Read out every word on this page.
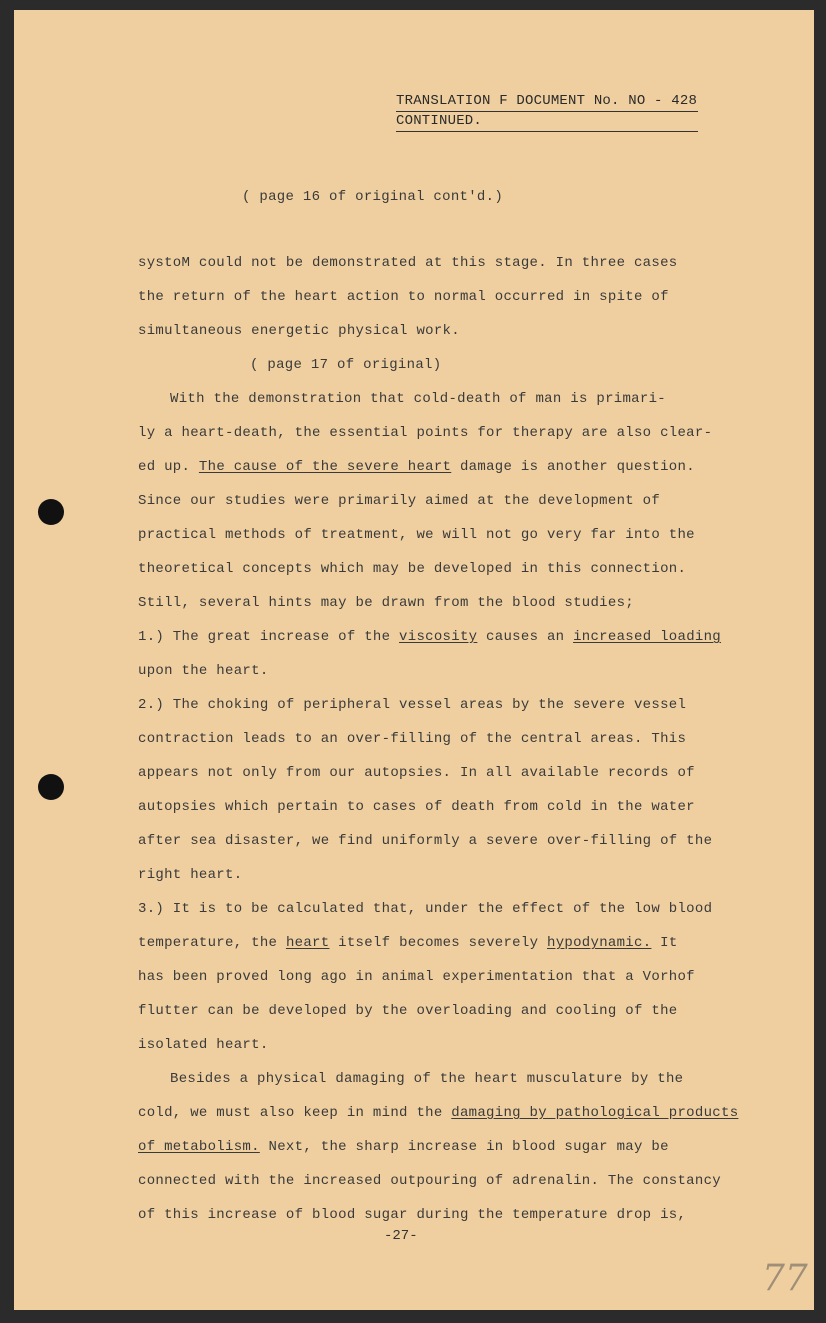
TRANSLATION F DOCUMENT No. NO - 428
CONTINUED.
( page 16 of original cont'd.)
systoM could not be demonstrated at this stage. In three cases
the return of the heart action to normal occurred in spite of
simultaneous energetic physical work.
( page 17 of original)
With the demonstration that cold-death of man is primari-
ly a heart-death, the essential points for therapy are also clear-
ed up. The cause of the severe heart damage is another question.
Since our studies were primarily aimed at the development of
practical methods of treatment, we will not go very far into the
theoretical concepts which may be developed in this connection.
Still, several hints may be drawn from the blood studies;
1.) The great increase of the viscosity causes an increased loading
upon the heart.
2.) The choking of peripheral vessel areas by the severe vessel
contraction leads to an over-filling of the central areas. This
appears not only from our autopsies. In all available records of
autopsies which pertain to cases of death from cold in the water
after sea disaster, we find uniformly a severe over-filling of the
right heart.
3.) It is to be calculated that, under the effect of the low blood
temperature, the heart itself becomes severely hypodynamic. It
has been proved long ago in animal experimentation that a Vorhof
flutter can be developed by the overloading and cooling of the
isolated heart.
Besides a physical damaging of the heart musculature by the
cold, we must also keep in mind the damaging by pathological products
of metabolism. Next, the sharp increase in blood sugar may be
connected with the increased outpouring of adrenalin. The constancy
of this increase of blood sugar during the temperature drop is,
-27-
77
